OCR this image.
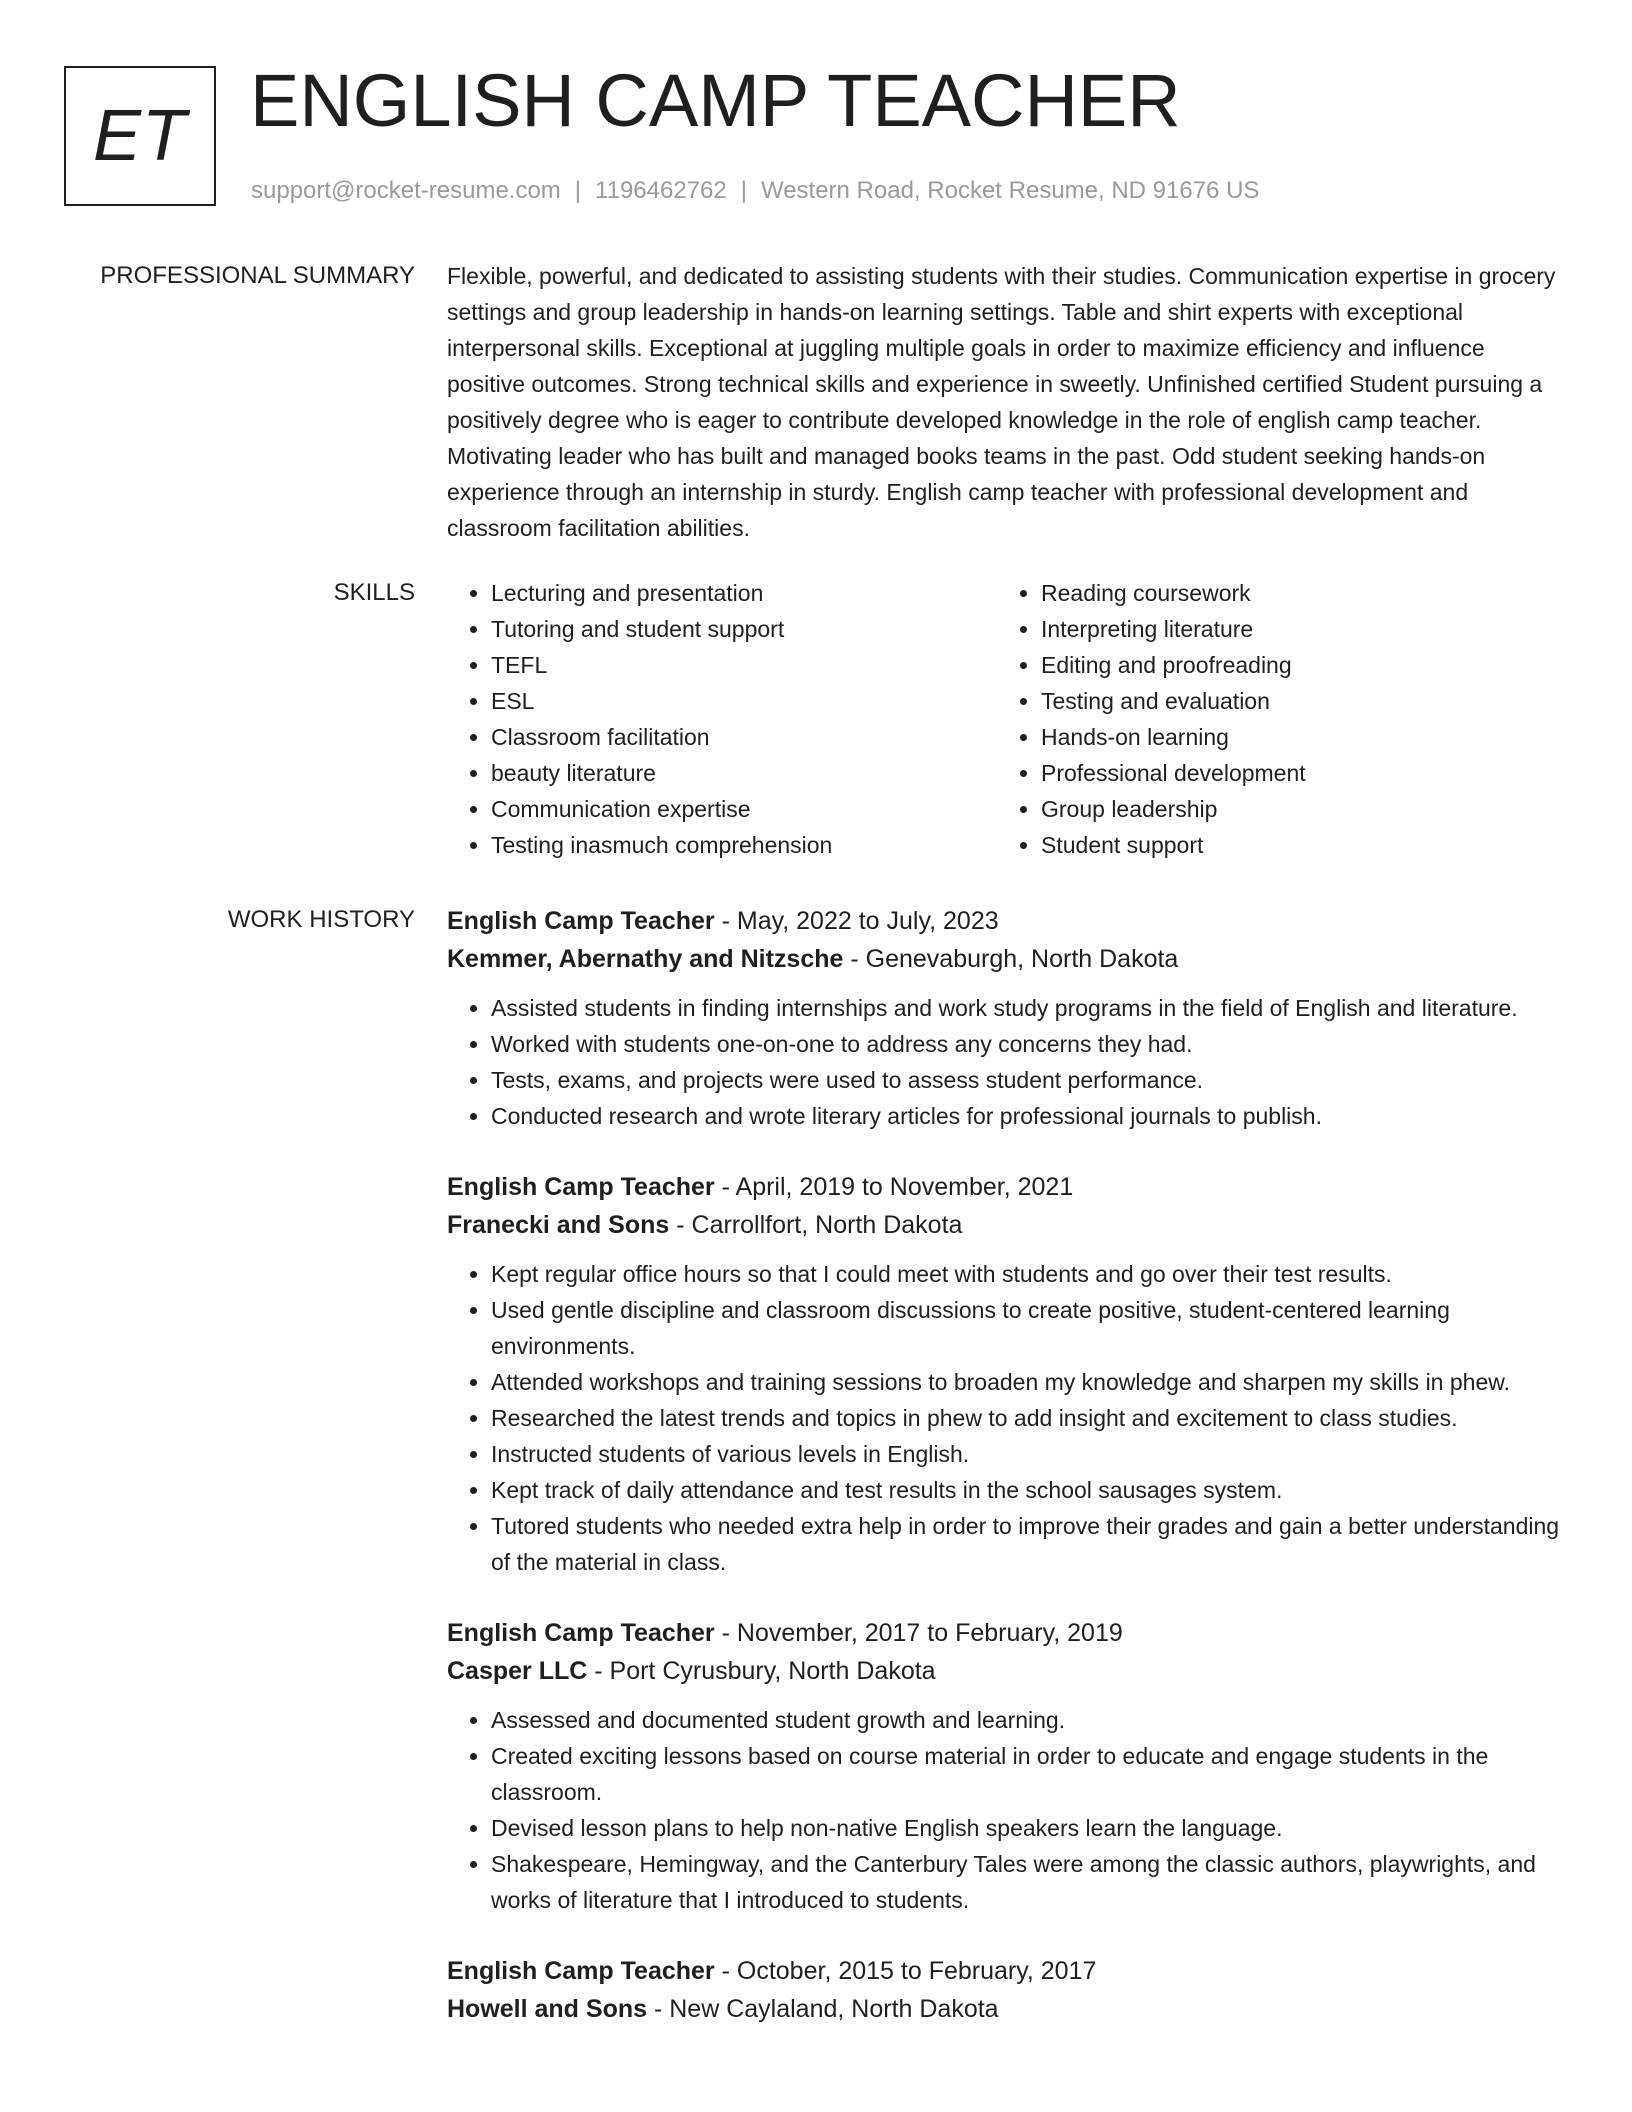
ET ENGLISH CAMP TEACHER
support@rocket-resume.com | 1196462762 | Western Road, Rocket Resume, ND 91676 US
PROFESSIONAL SUMMARY Flexible, powerful, and dedicated to assisting students with their studies. Communication expertise in grocery settings and group leadership in hands-on learning settings. Table and shirt experts with exceptional interpersonal skills. Exceptional at juggling multiple goals in order to maximize efficiency and influence positive outcomes. Strong technical skills and experience in sweetly. Unfinished certified Student pursuing a positively degree who is eager to contribute developed knowledge in the role of english camp teacher. Motivating leader who has built and managed books teams in the past. Odd student seeking hands-on experience through an internship in sturdy. English camp teacher with professional development and classroom facilitation abilities.

SKILLS
•	Lecturing and presentation
• Tutoring and student support
• TEFL
• ESL
• Classroom facilitation
• beauty literature
• Communication expertise
• Testing inasmuch comprehension
• Reading coursework
• Interpreting literature
• Editing and proofreading
• Testing and evaluation
• Hands-on learning
• Professional development
• Group leadership
• Student support
WORK HISTORY English Camp Teacher - May, 2022 to July, 2023
Kemmer, Abernathy and Nitzsche - Genevaburgh, North Dakota
• Assisted students in finding internships and work study programs in the field of English and literature.
• Worked with students one-on-one to address any concerns they had.
• Tests, exams, and projects were used to assess student performance.
• Conducted research and wrote literary articles for professional journals to publish.
English Camp Teacher - April, 2019 to November, 2021
Franecki and Sons - Carrollfort, North Dakota
• Kept regular office hours so that I could meet with students and go over their test results.
• Used gentle discipline and classroom discussions to create positive, student-centered learning environments.
• Attended workshops and training sessions to broaden my knowledge and sharpen my skills in phew.
• Researched the latest trends and topics in phew to add insight and excitement to class studies.
• Instructed students of various levels in English.
• Kept track of daily attendance and test results in the school sausages system.
• Tutored students who needed extra help in order to improve their grades and gain a better understanding of the material in class.
English Camp Teacher - November, 2017 to February, 2019
Casper LLC - Port Cyrusbury, North Dakota
• Assessed and documented student growth and learning.
• Created exciting lessons based on course material in order to educate and engage students in the classroom.
• Devised lesson plans to help non-native English speakers learn the language.
• Shakespeare, Hemingway, and the Canterbury Tales were among the classic authors, playwrights, and works of literature that I introduced to students.
English Camp Teacher - October, 2015 to February, 2017
Howell and Sons - New Caylaland, North Dakota
